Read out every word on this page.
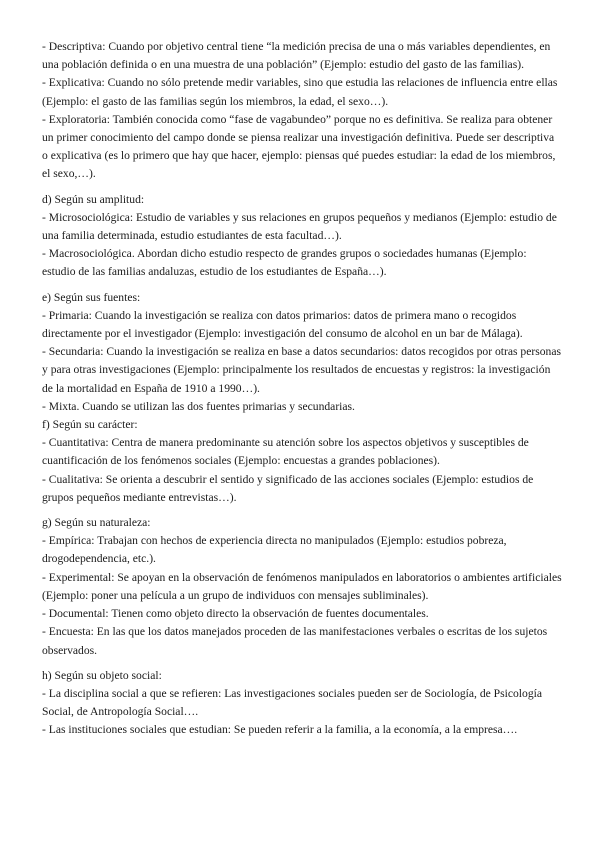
- Descriptiva: Cuando por objetivo central tiene “la medición precisa de una o más variables dependientes, en una población definida o en una muestra de una población” (Ejemplo: estudio del gasto de las familias).

- Explicativa: Cuando no sólo pretende medir variables, sino que estudia las relaciones de influencia entre ellas (Ejemplo: el gasto de las familias según los miembros, la edad, el sexo…).

- Exploratoria: También conocida como “fase de vagabundeo” porque no es definitiva. Se realiza para obtener un primer conocimiento del campo donde se piensa realizar una investigación definitiva. Puede ser descriptiva o explicativa (es lo primero que hay que hacer, ejemplo: piensas qué puedes estudiar: la edad de los miembros, el sexo,…).

d) Según su amplitud:

- Microsociológica: Estudio de variables y sus relaciones en grupos pequeños y medianos (Ejemplo: estudio de una familia determinada, estudio estudiantes de esta facultad…).

- Macrosociológica. Abordan dicho estudio respecto de grandes grupos o sociedades humanas (Ejemplo: estudio de las familias andaluzas, estudio de los estudiantes de España…).

e) Según sus fuentes:

- Primaria: Cuando la investigación se realiza con datos primarios: datos de primera mano o recogidos directamente por el investigador (Ejemplo: investigación del consumo de alcohol en un bar de Málaga).

- Secundaria: Cuando la investigación se realiza en base a datos secundarios: datos recogidos por otras personas y para otras investigaciones (Ejemplo: principalmente los resultados de encuestas y registros: la investigación de la mortalidad en España de 1910 a 1990…).

- Mixta. Cuando se utilizan las dos fuentes primarias y secundarias.

f) Según su carácter:

- Cuantitativa: Centra de manera predominante su atención sobre los aspectos objetivos y susceptibles de cuantificación de los fenómenos sociales (Ejemplo: encuestas a grandes poblaciones).

- Cualitativa: Se orienta a descubrir el sentido y significado de las acciones sociales (Ejemplo: estudios de grupos pequeños mediante entrevistas…).

g) Según su naturaleza:

- Empírica: Trabajan con hechos de experiencia directa no manipulados (Ejemplo: estudios pobreza, drogodependencia, etc.).

- Experimental: Se apoyan en la observación de fenómenos manipulados en laboratorios o ambientes artificiales (Ejemplo: poner una película a un grupo de individuos con mensajes subliminales).

- Documental: Tienen como objeto directo la observación de fuentes documentales.

- Encuesta: En las que los datos manejados proceden de las manifestaciones verbales o escritas de los sujetos observados.

h) Según su objeto social:

- La disciplina social a que se refieren: Las investigaciones sociales pueden ser de Sociología, de Psicología Social, de Antropología Social….

- Las instituciones sociales que estudian: Se pueden referir a la familia, a la economía, a la empresa….
